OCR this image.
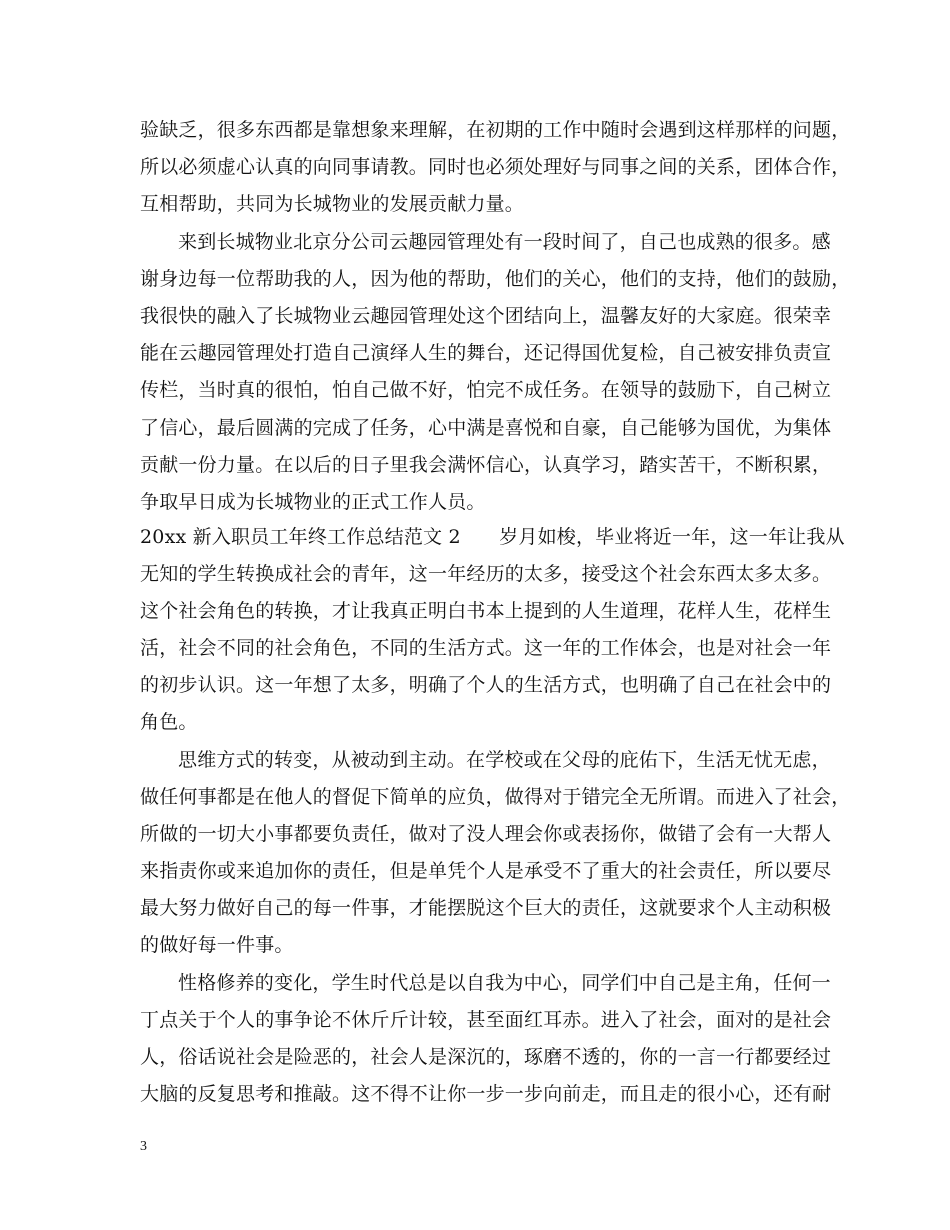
验缺乏，很多东西都是靠想象来理解，在初期的工作中随时会遇到这样那样的问题，
所以必须虚心认真的向同事请教。同时也必须处理好与同事之间的关系，团体合作，
互相帮助，共同为长城物业的发展贡献力量。
来到长城物业北京分公司云趣园管理处有一段时间了，自己也成熟的很多。感
谢身边每一位帮助我的人，因为他的帮助，他们的关心，他们的支持，他们的鼓励，
我很快的融入了长城物业云趣园管理处这个团结向上，温馨友好的大家庭。很荣幸
能在云趣园管理处打造自己演绎人生的舞台，还记得国优复检，自己被安排负责宣
传栏，当时真的很怕，怕自己做不好，怕完不成任务。在领导的鼓励下，自己树立
了信心，最后圆满的完成了任务，心中满是喜悦和自豪，自己能够为国优，为集体
贡献一份力量。在以后的日子里我会满怀信心，认真学习，踏实苦干，不断积累，
争取早日成为长城物业的正式工作人员。
20xx 新入职员工年终工作总结范文 2　　岁月如梭，毕业将近一年，这一年让我从
无知的学生转换成社会的青年，这一年经历的太多，接受这个社会东西太多太多。
这个社会角色的转换，才让我真正明白书本上提到的人生道理，花样人生，花样生
活，社会不同的社会角色，不同的生活方式。这一年的工作体会，也是对社会一年
的初步认识。这一年想了太多，明确了个人的生活方式，也明确了自己在社会中的
角色。
思维方式的转变，从被动到主动。在学校或在父母的庇佑下，生活无忧无虑，
做任何事都是在他人的督促下简单的应负，做得对于错完全无所谓。而进入了社会，
所做的一切大小事都要负责任，做对了没人理会你或表扬你，做错了会有一大帮人
来指责你或来追加你的责任，但是单凭个人是承受不了重大的社会责任，所以要尽
最大努力做好自己的每一件事，才能摆脱这个巨大的责任，这就要求个人主动积极
的做好每一件事。
性格修养的变化，学生时代总是以自我为中心，同学们中自己是主角，任何一
丁点关于个人的事争论不休斤斤计较，甚至面红耳赤。进入了社会，面对的是社会
人，俗话说社会是险恶的，社会人是深沉的，琢磨不透的，你的一言一行都要经过
大脑的反复思考和推敲。这不得不让你一步一步向前走，而且走的很小心，还有耐
3
